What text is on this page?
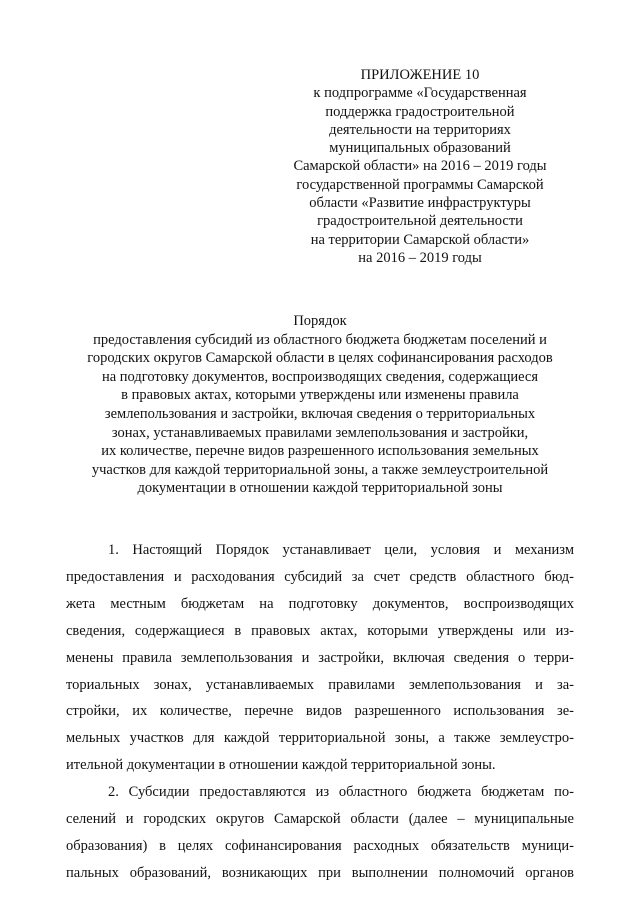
ПРИЛОЖЕНИЕ 10
к подпрограмме «Государственная
поддержка градостроительной
деятельности на территориях
муниципальных образований
Самарской области» на 2016 – 2019 годы
государственной программы Самарской
области «Развитие инфраструктуры
градостроительной деятельности
на территории Самарской области»
на 2016 – 2019 годы
Порядок
предоставления субсидий из областного бюджета бюджетам поселений и
городских округов Самарской области в целях софинансирования расходов
на подготовку документов, воспроизводящих сведения, содержащиеся
в правовых актах, которыми утверждены или изменены правила
землепользования и застройки, включая сведения о территориальных
зонах, устанавливаемых правилами землепользования и застройки,
их количестве, перечне видов разрешенного использования земельных
участков для каждой территориальной зоны, а также землеустроительной
документации в отношении каждой территориальной зоны
1. Настоящий Порядок устанавливает цели, условия и механизм
предоставления и расходования субсидий за счет средств областного бюд-
жета местным бюджетам на подготовку документов, воспроизводящих
сведения, содержащиеся в правовых актах, которыми утверждены или из-
менены правила землепользования и застройки, включая сведения о терри-
ториальных зонах, устанавливаемых правилами землепользования и за-
стройки, их количестве, перечне видов разрешенного использования зе-
мельных участков для каждой территориальной зоны, а также землеустро-
ительной документации в отношении каждой территориальной зоны.
2. Субсидии предоставляются из областного бюджета бюджетам по-
селений и городских округов Самарской области (далее – муниципальные
образования) в целях софинансирования расходных обязательств муници-
пальных образований, возникающих при выполнении полномочий органов
